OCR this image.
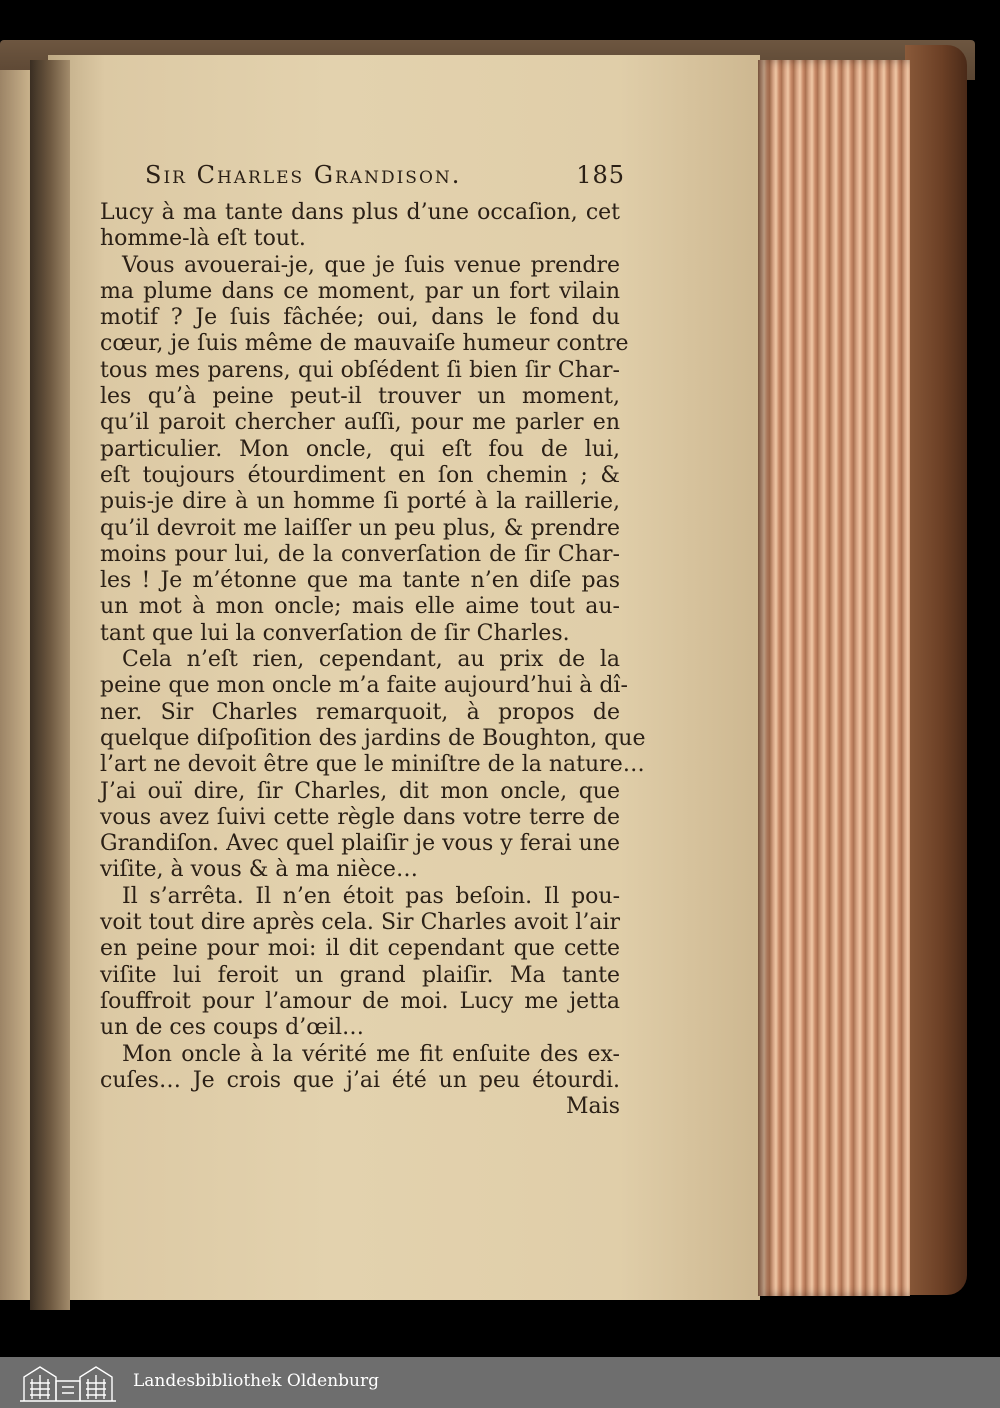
Sir Charles Grandison.	185
Lucy à ma tante dans plus d’une occaſion, cet
homme-là eſt tout.
Vous avouerai-je, que je ſuis venue prendre
ma plume dans ce moment, par un fort vilain
motif ? Je ſuis fâchée; oui, dans le fond du
cœur, je ſuis même de mauvaiſe humeur contre
tous mes parens, qui obſédent ſi bien ſir Char-
les qu’à peine peut-il trouver un moment,
qu’il paroit chercher auſſi, pour me parler en
particulier. Mon oncle, qui eſt fou de lui,
eſt toujours étourdiment en ſon chemin ; &
puis-je dire à un homme ſi porté à la raillerie,
qu’il devroit me laiſſer un peu plus, & prendre
moins pour lui, de la converſation de ſir Char-
les ! Je m’étonne que ma tante n’en diſe pas
un mot à mon oncle; mais elle aime tout au-
tant que lui la converſation de ſir Charles.
Cela n’eſt rien, cependant, au prix de la
peine que mon oncle m’a faite aujourd’hui à dî-
ner. Sir Charles remarquoit, à propos de
quelque diſpoſition des jardins de Boughton, que
l’art ne devoit être que le miniſtre de la nature…
J’ai ouï dire, ſir Charles, dit mon oncle, que
vous avez ſuivi cette règle dans votre terre de
Grandiſon. Avec quel plaiſir je vous y ferai une
viſite, à vous & à ma nièce…
Il s’arrêta. Il n’en étoit pas beſoin. Il pou-
voit tout dire après cela. Sir Charles avoit l’air
en peine pour moi: il dit cependant que cette
viſite lui feroit un grand plaiſir. Ma tante
ſouffroit pour l’amour de moi. Lucy me jetta
un de ces coups d’œil…
Mon oncle à la vérité me fit enſuite des ex-
cuſes… Je crois que j’ai été un peu étourdi.
Mais
Landesbibliothek Oldenburg
